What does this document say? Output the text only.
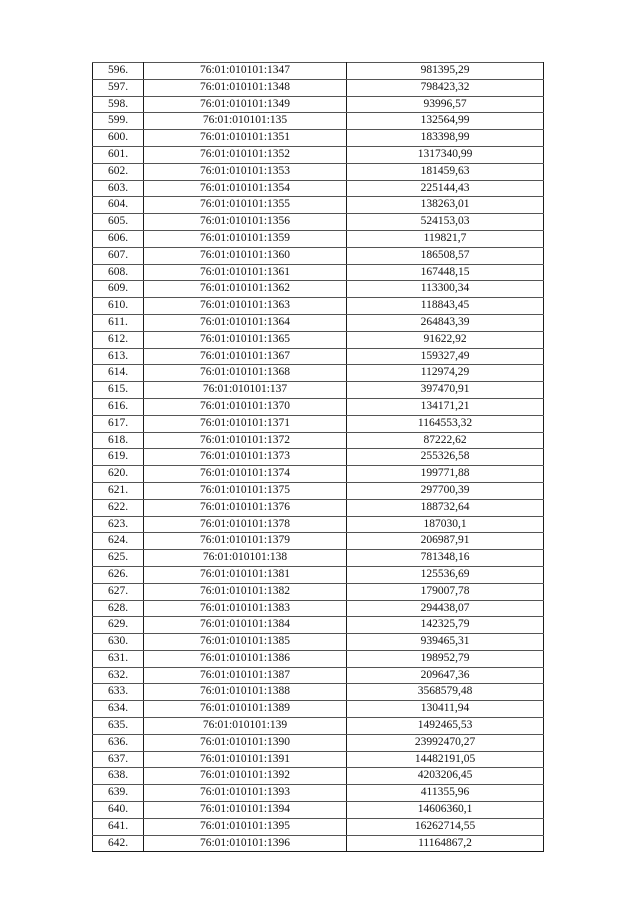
596.	76:01:010101:1347	981395,29
597.	76:01:010101:1348	798423,32
598.	76:01:010101:1349	93996,57
599.	76:01:010101:135	132564,99
600.	76:01:010101:1351	183398,99
601.	76:01:010101:1352	1317340,99
602.	76:01:010101:1353	181459,63
603.	76:01:010101:1354	225144,43
604.	76:01:010101:1355	138263,01
605.	76:01:010101:1356	524153,03
606.	76:01:010101:1359	119821,7
607.	76:01:010101:1360	186508,57
608.	76:01:010101:1361	167448,15
609.	76:01:010101:1362	113300,34
610.	76:01:010101:1363	118843,45
611.	76:01:010101:1364	264843,39
612.	76:01:010101:1365	91622,92
613.	76:01:010101:1367	159327,49
614.	76:01:010101:1368	112974,29
615.	76:01:010101:137	397470,91
616.	76:01:010101:1370	134171,21
617.	76:01:010101:1371	1164553,32
618.	76:01:010101:1372	87222,62
619.	76:01:010101:1373	255326,58
620.	76:01:010101:1374	199771,88
621.	76:01:010101:1375	297700,39
622.	76:01:010101:1376	188732,64
623.	76:01:010101:1378	187030,1
624.	76:01:010101:1379	206987,91
625.	76:01:010101:138	781348,16
626.	76:01:010101:1381	125536,69
627.	76:01:010101:1382	179007,78
628.	76:01:010101:1383	294438,07
629.	76:01:010101:1384	142325,79
630.	76:01:010101:1385	939465,31
631.	76:01:010101:1386	198952,79
632.	76:01:010101:1387	209647,36
633.	76:01:010101:1388	3568579,48
634.	76:01:010101:1389	130411,94
635.	76:01:010101:139	1492465,53
636.	76:01:010101:1390	23992470,27
637.	76:01:010101:1391	14482191,05
638.	76:01:010101:1392	4203206,45
639.	76:01:010101:1393	411355,96
640.	76:01:010101:1394	14606360,1
641.	76:01:010101:1395	16262714,55
642.	76:01:010101:1396	11164867,2
